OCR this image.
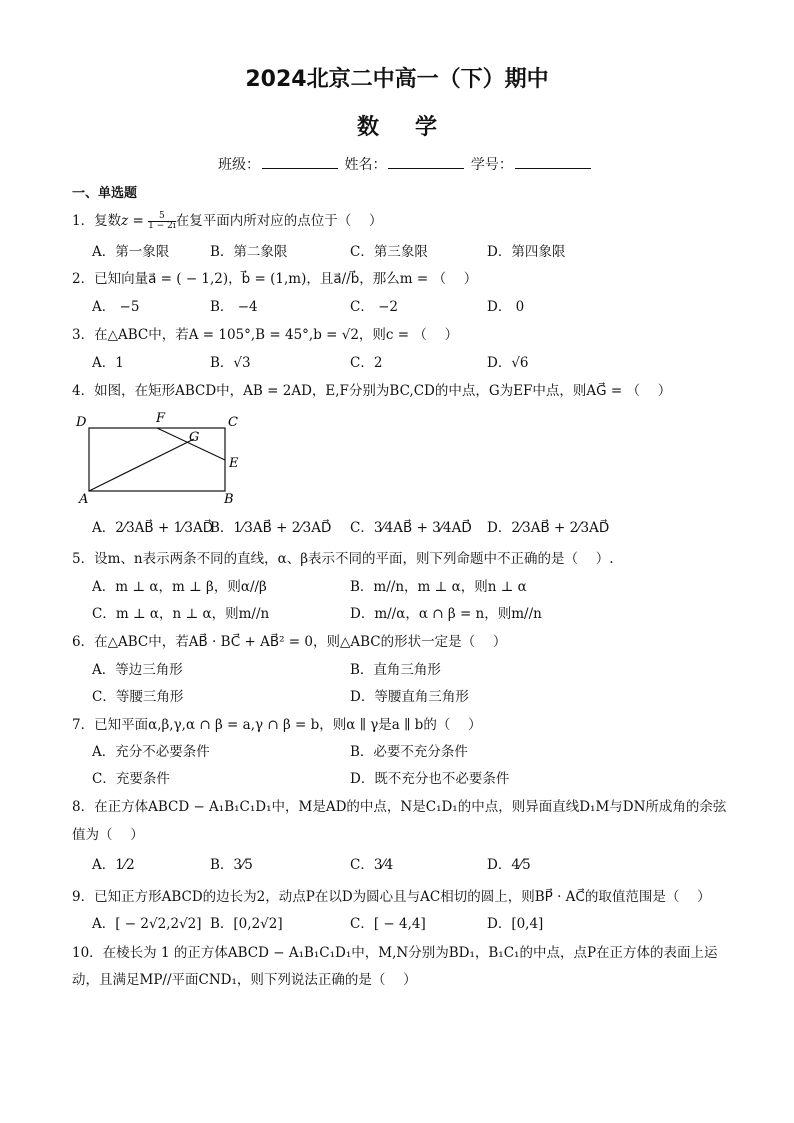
2024北京二中高一（下）期中
数学
班级：	姓名：	学号：
一、单选题
1．复数$z = \frac{5}{1 - 2i}$ 在复平面内所对应的点位于（　 ）
A．第一象限	B．第二象限	C．第三象限	D．第四象限
2．已知向量a⃗ = ( − 1,2)，b⃗ = (1,m)，且a⃗//b⃗，那么m = （　 ）
A． −5	B． −4	C． −2	D． 0
3．在△ABC中，若A = 105°,B = 45°,b = √2，则c = （　 ）
A．1	B．√3	C．2	D．√6
4．如图，在矩形ABCD中，AB = 2AD，E,F分别为BC,CD的中点，G为EF中点，则AG⃗ = （　 ）
D	F	C
G
E
A	B
A．2⁄3AB⃗ + 1⁄3AD⃗
B．1⁄3AB⃗ + 2⁄3AD⃗ C．3⁄4AB⃗ + 3⁄4AD⃗ D．2⁄3AB⃗ + 2⁄3AD⃗
5．设m、n表示两条不同的直线，α、β表示不同的平面，则下列命题中不正确的是（　 ）.
A．m ⊥ α，m ⊥ β，则α//β	B．m//n，m ⊥ α，则n ⊥ α
C．m ⊥ α，n ⊥ α，则m//n	D．m//α，α ∩ β = n，则m//n
6．在△ABC中，若AB⃗ · BC⃗ + AB⃗² = 0，则△ABC的形状一定是（　 ）
A．等边三角形	B．直角三角形
C．等腰三角形	D．等腰直角三角形
7．已知平面α,β,γ,α ∩ β = a,γ ∩ β = b，则α ∥ γ是a ∥ b的（　 ）
A．充分不必要条件	B．必要不充分条件
C．充要条件	D．既不充分也不必要条件
8．在正方体ABCD − A₁B₁C₁D₁中，M是AD的中点，N是C₁D₁的中点，则异面直线D₁M与DN所成角的余弦
值为（　 ）
A．1⁄2	B．3⁄5	C．3⁄4	D．4⁄5
9．已知正方形ABCD的边长为2，动点P在以D为圆心且与AC相切的圆上，则BP⃗ · AC⃗的取值范围是（　 ）
A．[ − 2√2,2√2] B．[0,2√2]	C．[ − 4,4]	D．[0,4]
10．在棱长为 1 的正方体ABCD − A₁B₁C₁D₁中，M,N分别为BD₁，B₁C₁的中点，点P在正方体的表面上运
动，且满足MP//平面CND₁，则下列说法正确的是（　 ）
